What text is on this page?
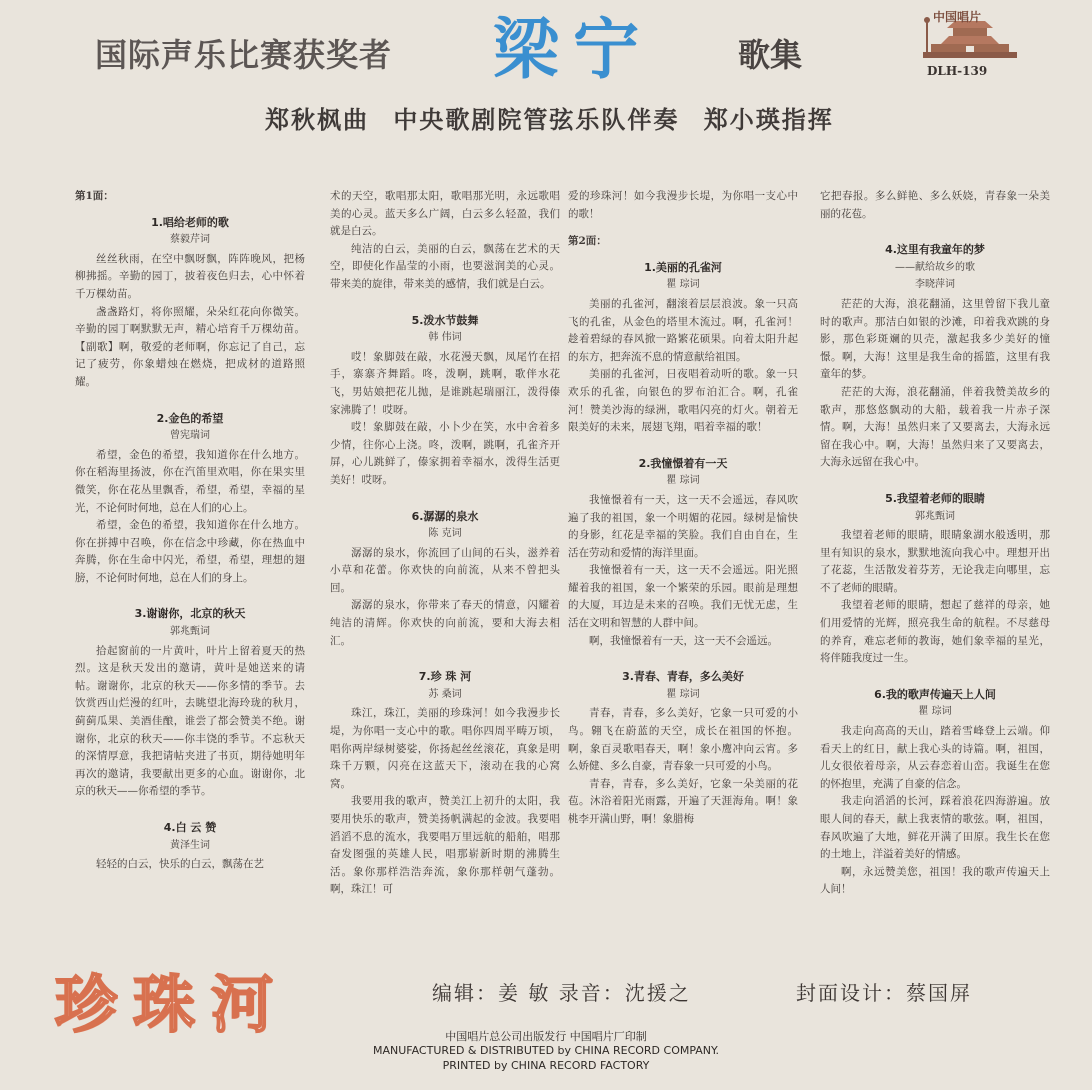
国际声乐比赛获奖者 梁宁	歌集
中国唱片
DLH-139
郑秋枫曲 中央歌剧院管弦乐队伴奏 郑小瑛指挥

第1面：

1.唱给老师的歌

蔡毅芹词

丝丝秋雨，在空中飘呀飘，阵阵晚风，把杨柳拂摇。辛勤的园丁，披着夜色归去，心中怀着千万棵幼苗。

盏盏路灯，将你照耀，朵朵红花向你微笑。辛勤的园丁啊默默无声，精心培育千万棵幼苗。【副歌】啊，敬爱的老师啊，你忘记了自己，忘记了疲劳，你象蜡烛在燃烧，把成材的道路照耀。

2.金色的希望

曾宪瑞词

希望，金色的希望，我知道你在什么地方。你在稻海里扬波，你在汽笛里欢唱，你在果实里微笑，你在花丛里飘香，希望，希望，幸福的星光，不论何时何地，总在人们的心上。

希望，金色的希望，我知道你在什么地方。你在拼搏中召唤，你在信念中珍藏，你在热血中奔腾，你在生命中闪光，希望，希望，理想的翅膀，不论何时何地，总在人们的身上。

3.谢谢你，北京的秋天

郭兆甄词

拾起窗前的一片黄叶，叶片上留着夏天的热烈。这是秋天发出的邀请，黄叶是她送来的请帖。谢谢你，北京的秋天——你多情的季节。去饮赏西山烂漫的红叶，去眺望北海玲珑的秋月，蓟蓟瓜果、美酒佳酿，谁尝了都会赞美不绝。谢谢你，北京的秋天——你丰饶的季节。不忘秋天的深情厚意，我把请帖夹进了书页，期待她明年再次的邀请，我要献出更多的心血。谢谢你，北京的秋天——你希望的季节。

4.白 云 赞

黄泽生词

轻轻的白云，快乐的白云，飘荡在艺

术的天空，歌唱那太阳，歌唱那光明，永远歌唱美的心灵。蓝天多么广阔，白云多么轻盈，我们就是白云。

纯洁的白云，美丽的白云，飘荡在艺术的天空，即使化作晶莹的小雨，也要滋润美的心灵。带来美的旋律，带来美的感情，我们就是白云。

5.泼水节鼓舞

韩 伟词

哎！象脚鼓在敲，水花漫天飘，凤尾竹在招手，寨寨齐舞蹈。咚，泼啊，跳啊，歌伴水花飞，男姑娘把花儿抛，是谁跳起瑞丽江，泼得傣家沸腾了！哎呀。

哎！象脚鼓在敲，小卜少在笑，水中舍着多少情，往你心上浇。咚，泼啊，跳啊，孔雀齐开屏，心儿跳鲜了，傣家拥着幸福水，泼得生活更美好！哎呀。

6.潺潺的泉水

陈 克词

潺潺的泉水，你流回了山间的石头，滋养着小草和花蕾。你欢快的向前流，从来不曾把头回。

潺潺的泉水，你带来了春天的情意，闪耀着纯洁的清辉。你欢快的向前流，要和大海去相汇。

7.珍 珠 河

苏 桑词

珠江，珠江，美丽的珍珠河！如今我漫步长堤，为你唱一支心中的歌。唱你四周平畴万顷，唱你两岸绿树婆娑，你扬起丝丝滚花，真象是明珠千万颗，闪亮在这蓝天下，滚动在我的心窝窝。

我要用我的歌声，赞美江上初升的太阳，我要用快乐的歌声，赞美扬帆满起的金波。我要唱滔滔不息的流水，我要唱万里远航的船舶，唱那奋发图强的英雄人民，唱那崭新时期的沸腾生活。象你那样浩浩奔流，象你那样朝气蓬勃。啊，珠江！可

爱的珍珠河！如今我漫步长堤，为你唱一支心中的歌！

第2面：

1.美丽的孔雀河

瞿 琮词

美丽的孔雀河，翻滚着层层浪波。象一只高飞的孔雀，从金色的塔里木流过。啊，孔雀河！趁着碧绿的春风掀一路繁花硕果。向着太阳升起的东方，把奔流不息的情意献给祖国。

美丽的孔雀河，日夜唱着动听的歌。象一只欢乐的孔雀，向银色的罗布泊汇合。啊，孔雀河！赞美沙海的绿洲，歌唱闪亮的灯火。朝着无限美好的未来，展翅飞翔，唱着幸福的歌！

2.我憧憬着有一天

瞿 琮词

我憧憬着有一天，这一天不会遥远，春风吹遍了我的祖国，象一个明媚的花园。绿树是愉快的身影，红花是幸福的笑脸。我们自由自在，生活在劳动和爱情的海洋里面。

我憧憬着有一天，这一天不会遥远。阳光照耀着我的祖国，象一个繁荣的乐园。眼前是理想的大厦，耳边是未来的召唤。我们无忧无虑，生活在文明和智慧的人群中间。

啊，我憧憬着有一天，这一天不会遥远。

3.青春、青春，多么美好

瞿 琮词

青春，青春，多么美好，它象一只可爱的小鸟。翱飞在蔚蓝的天空，成长在祖国的怀抱。啊，象百灵歌唱春天，啊！象小鹰冲向云宵。多么娇健、多么自豪，青春象一只可爱的小鸟。

青春，青春，多么美好，它象一朵美丽的花苞。沐浴着阳光雨露，开遍了天涯海角。啊！象桃李开满山野，啊！象腊梅

它把春报。多么鲜艳、多么妖娆，青春象一朵美丽的花苞。

4.这里有我童年的梦

——献给故乡的歌

李晓萍词

茫茫的大海，浪花翻涌，这里曾留下我儿童时的歌声。那洁白如银的沙滩，印着我欢跳的身影，那色彩斑斓的贝壳，激起我多少美好的憧憬。啊，大海！这里是我生命的摇篮，这里有我童年的梦。

茫茫的大海，浪花翻涌，伴着我赞美故乡的歌声，那悠悠飘动的大船，载着我一片赤子深情。啊，大海！虽然归来了又要离去，大海永远留在我心中。啊，大海！虽然归来了又要离去，大海永远留在我心中。

5.我望着老师的眼睛

郭兆甄词

我望着老师的眼睛，眼睛象湖水般透明，那里有知识的泉水，默默地流向我心中。理想开出了花蕊，生活散发着芬芳，无论我走向哪里，忘不了老师的眼睛。

我望着老师的眼睛，想起了慈祥的母亲，她们用爱情的光辉，照亮我生命的航程。不尽慈母的养育，难忘老师的教诲，她们象幸福的星光，将伴随我度过一生。

6.我的歌声传遍天上人间

瞿 琮词

我走向高高的天山，踏着雪峰登上云端。仰看天上的红日，献上我心头的诗篇。啊，祖国，儿女很依着母亲，从云春恋着山峦。我诞生在您的怀抱里，充满了自豪的信念。

我走向滔滔的长河，踩着浪花四海游遍。放眼人间的春天，献上我衷情的歌弦。啊，祖国，春风吹遍了大地，鲜花开满了田原。我生长在您的土地上，洋溢着美好的情感。

啊，永远赞美您，祖国！我的歌声传遍天上人间！

珍珠河	编辑：姜 敏 录音：沈援之	封面设计：蔡国屏
中国唱片总公司出版发行 中国唱片厂印制
MANUFACTURED & DISTRIBUTED by CHINA RECORD COMPANY.
PRINTED by CHINA RECORD FACTORY
